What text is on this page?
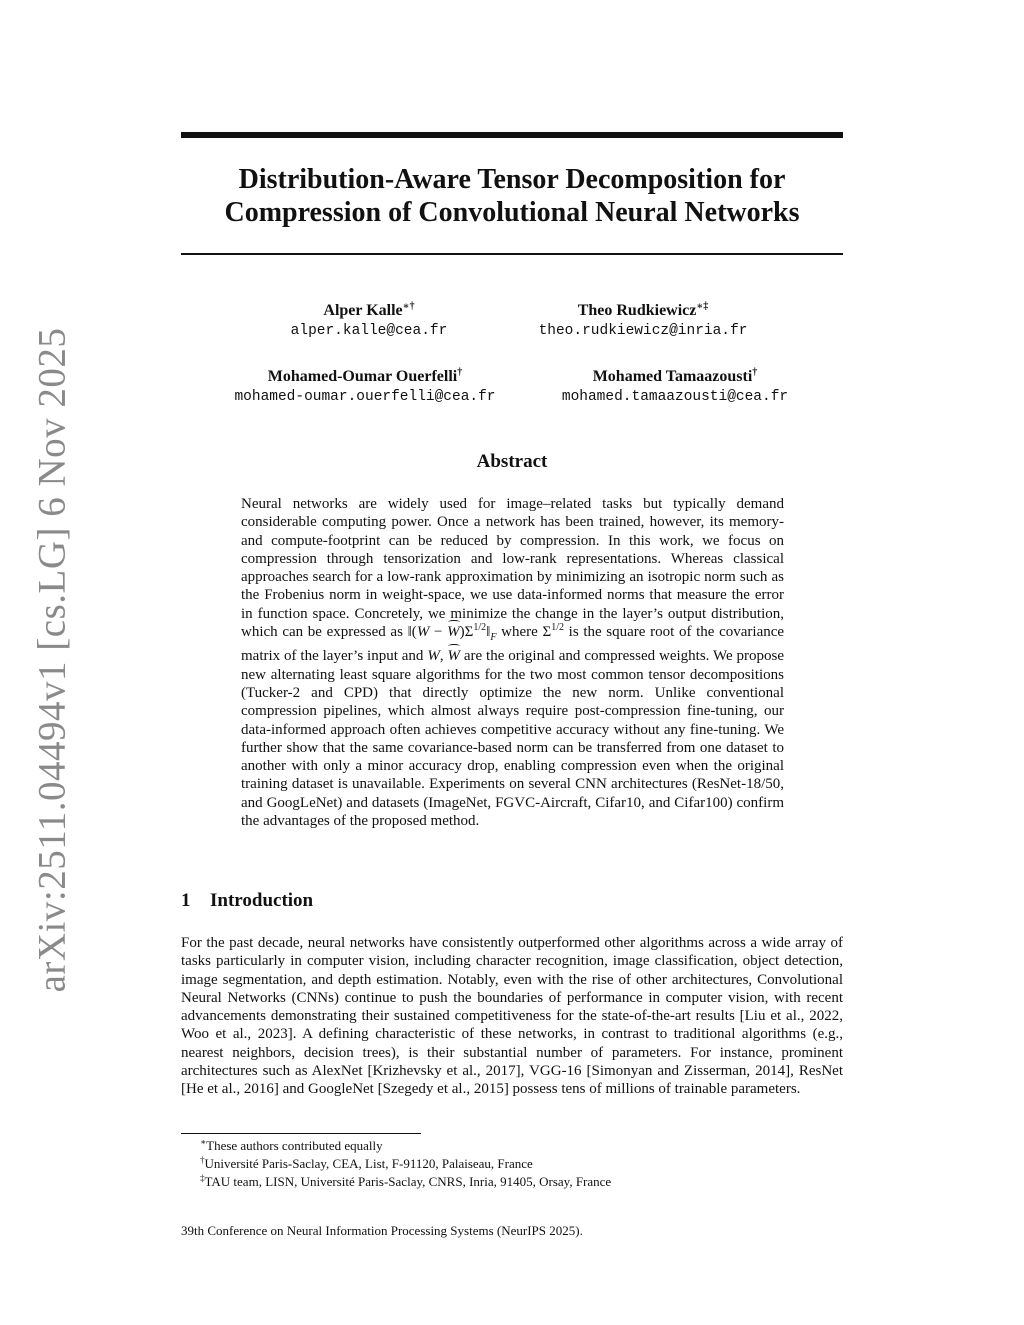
arXiv:2511.04494v1 [cs.LG] 6 Nov 2025
Distribution-Aware Tensor Decomposition for
Compression of Convolutional Neural Networks
Alper Kalle∗†
alper.kalle@cea.fr
Theo Rudkiewicz∗‡
theo.rudkiewicz@inria.fr
Mohamed-Oumar Ouerfelli†
mohamed-oumar.ouerfelli@cea.fr
Mohamed Tamaazousti†
mohamed.tamaazousti@cea.fr
Abstract

Neural networks are widely used for image–related tasks but typically demand considerable computing power. Once a network has been trained, however, its memory- and compute-footprint can be reduced by compression. In this work, we focus on compression through tensorization and low-rank representations. Whereas classical approaches search for a low-rank approximation by minimizing an isotropic norm such as the Frobenius norm in weight-space, we use data-informed norms that measure the error in function space. Concretely, we minimize the change in the layer’s output distribution, which can be expressed as ‖(W − $W)\Sigma^{1/2}‖_F$ where $\Sigma^{1/2}$ is the square root of the covariance matrix of the layer’s input and W, W are the original and compressed weights. We propose new alternating least square algorithms for the two most common tensor decompositions (Tucker-2 and CPD) that directly optimize the new norm. Unlike conventional compression pipelines, which almost always require post-compression fine-tuning, our data-informed approach often achieves competitive accuracy without any fine-tuning. We further show that the same covariance-based norm can be transferred from one dataset to another with only a minor accuracy drop, enabling compression even when the original training dataset is unavailable. Experiments on several CNN architectures (ResNet-18/50, and GoogLeNet) and datasets (ImageNet, FGVC-Aircraft, Cifar10, and Cifar100) confirm the advantages of the proposed method.

1 Introduction

For the past decade, neural networks have consistently outperformed other algorithms across a wide array of tasks particularly in computer vision, including character recognition, image classification, object detection, image segmentation, and depth estimation. Notably, even with the rise of other architectures, Convolutional Neural Networks (CNNs) continue to push the boundaries of performance in computer vision, with recent advancements demonstrating their sustained competitiveness for the state-of-the-art results [Liu et al., 2022, Woo et al., 2023]. A defining characteristic of these networks, in contrast to traditional algorithms (e.g., nearest neighbors, decision trees), is their substantial number of parameters. For instance, prominent architectures such as AlexNet [Krizhevsky et al., 2017], VGG-16 [Simonyan and Zisserman, 2014], ResNet [He et al., 2016] and GoogleNet [Szegedy et al., 2015] possess tens of millions of trainable parameters.

∗These authors contributed equally
†Université Paris-Saclay, CEA, List, F-91120, Palaiseau, France
‡TAU team, LISN, Université Paris-Saclay, CNRS, Inria, 91405, Orsay, France
39th Conference on Neural Information Processing Systems (NeurIPS 2025).
